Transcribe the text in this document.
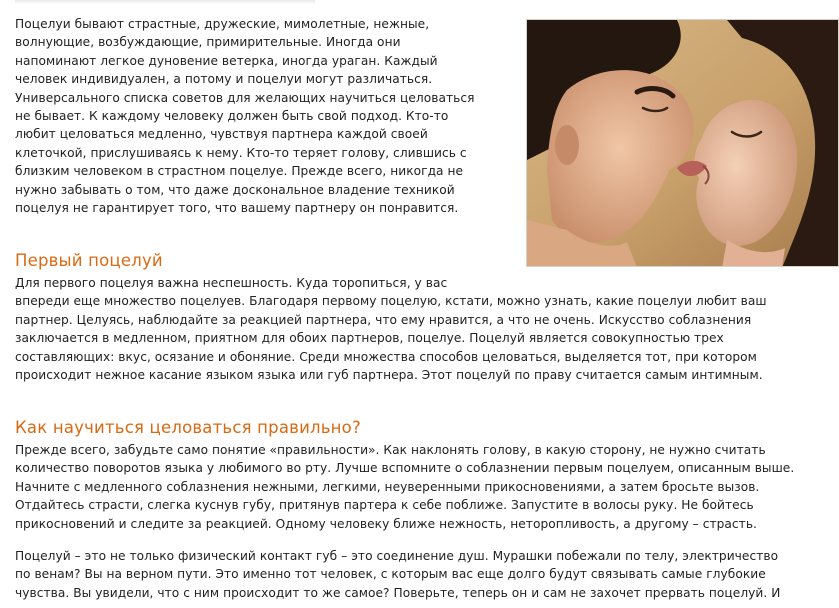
Поцелуи бывают страстные, дружеские, мимолетные, нежные,
волнующие, возбуждающие, примирительные. Иногда они
напоминают легкое дуновение ветерка, иногда ураган. Каждый
человек индивидуален, а потому и поцелуи могут различаться.
Универсального списка советов для желающих научиться целоваться
не бывает. К каждому человеку должен быть свой подход. Кто-то
любит целоваться медленно, чувствуя партнера каждой своей
клеточкой, прислушиваясь к нему. Кто-то теряет голову, слившись с
близким человеком в страстном поцелуе. Прежде всего, никогда не
нужно забывать о том, что даже доскональное владение техникой
поцелуя не гарантирует того, что вашему партнеру он понравится.

Первый поцелуй

Для первого поцелуя важна неспешность. Куда торопиться, у вас
впереди еще множество поцелуев. Благодаря первому поцелую, кстати, можно узнать, какие поцелуи любит ваш
партнер. Целуясь, наблюдайте за реакцией партнера, что ему нравится, а что не очень. Искусство соблазнения
заключается в медленном, приятном для обоих партнеров, поцелуе. Поцелуй является совокупностью трех
составляющих: вкус, осязание и обоняние. Среди множества способов целоваться, выделяется тот, при котором
происходит нежное касание языком языка или губ партнера. Этот поцелуй по праву считается самым интимным.

Как научиться целоваться правильно?

Прежде всего, забудьте само понятие «правильности». Как наклонять голову, в какую сторону, не нужно считать
количество поворотов языка у любимого во рту. Лучше вспомните о соблазнении первым поцелуем, описанным выше.
Начните с медленного соблазнения нежными, легкими, неуверенными прикосновениями, а затем бросьте вызов.
Отдайтесь страсти, слегка куснув губу, притянув партера к себе поближе. Запустите в волосы руку. Не бойтесь
прикосновений и следите за реакцией. Одному человеку ближе нежность, неторопливость, а другому – страсть.

Поцелуй – это не только физический контакт губ – это соединение душ. Мурашки побежали по телу, электричество
по венам? Вы на верном пути. Это именно тот человек, с которым вас еще долго будут связывать самые глубокие
чувства. Вы увидели, что с ним происходит то же самое? Поверьте, теперь он и сам не захочет прервать поцелуй. И
